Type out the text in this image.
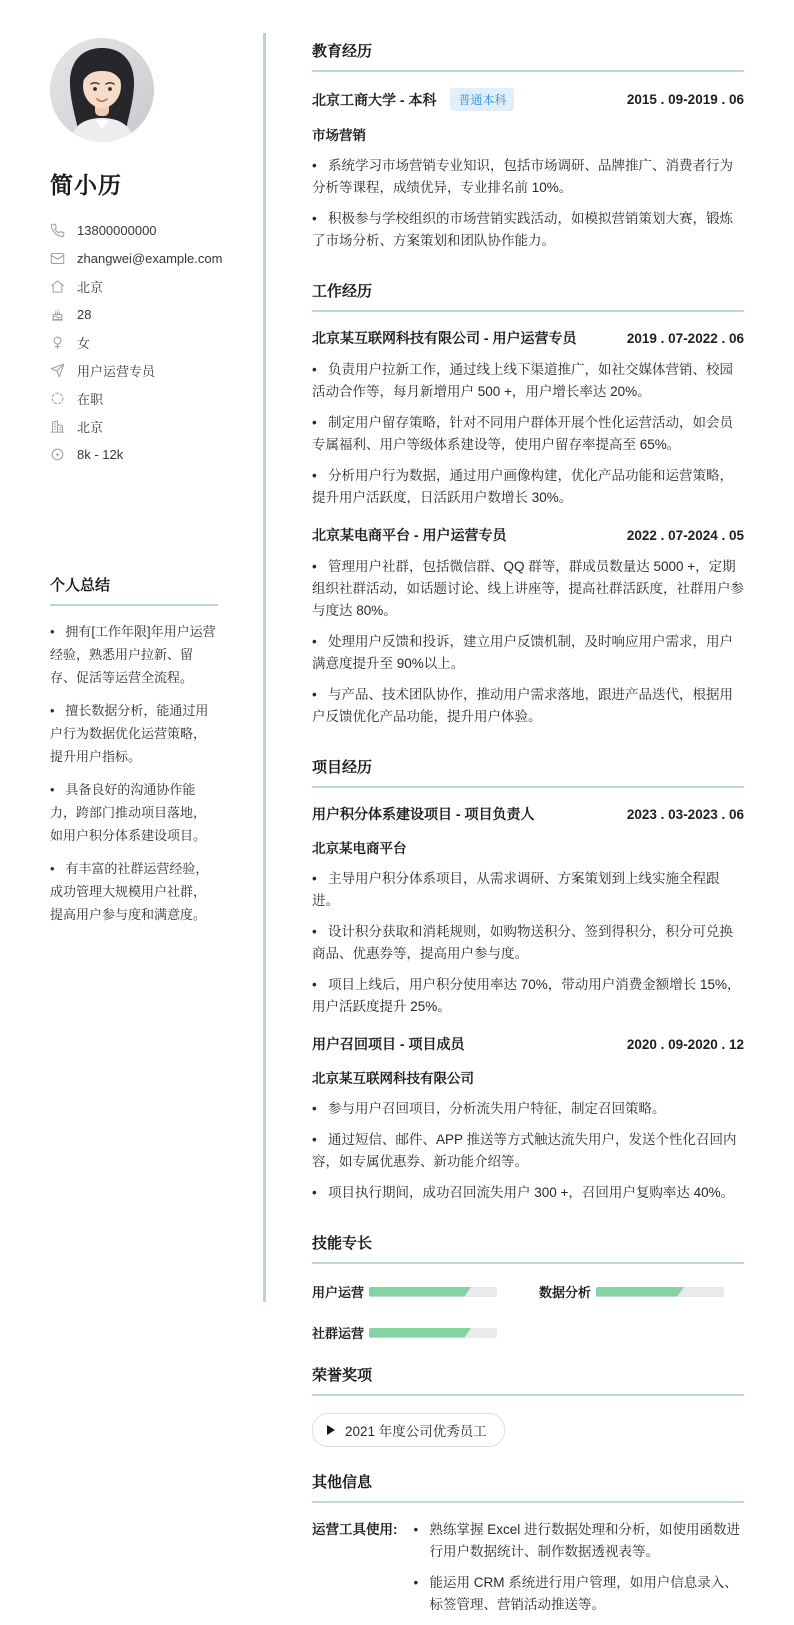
简小历
13800000000
zhangwei@example.com
北京
28
女
用户运营专员
在职
北京
8k - 12k
个人总结
•   拥有[工作年限]年用户运营经验，熟悉用户拉新、留存、促活等运营全流程。
•   擅长数据分析，能通过用户行为数据优化运营策略，提升用户指标。
•   具备良好的沟通协作能力，跨部门推动项目落地，如用户积分体系建设项目。
•   有丰富的社群运营经验，成功管理大规模用户社群，提高用户参与度和满意度。
教育经历
北京工商大学 - 本科	普通本科	2015 . 09-2019 . 06
市场营销
•   系统学习市场营销专业知识，包括市场调研、品牌推广、消费者行为分析等课程，成绩优异，专业排名前 10%。
•   积极参与学校组织的市场营销实践活动，如模拟营销策划大赛，锻炼了市场分析、方案策划和团队协作能力。
工作经历
北京某互联网科技有限公司 - 用户运营专员	2019 . 07-2022 . 06
•   负责用户拉新工作，通过线上线下渠道推广，如社交媒体营销、校园活动合作等，每月新增用户 500 +，用户增长率达 20%。
•   制定用户留存策略，针对不同用户群体开展个性化运营活动，如会员专属福利、用户等级体系建设等，使用户留存率提高至 65%。
•   分析用户行为数据，通过用户画像构建，优化产品功能和运营策略，提升用户活跃度，日活跃用户数增长 30%。
北京某电商平台 - 用户运营专员	2022 . 07-2024 . 05
•   管理用户社群，包括微信群、QQ 群等，群成员数量达 5000 +，定期组织社群活动，如话题讨论、线上讲座等，提高社群活跃度，社群用户参与度达 80%。
•   处理用户反馈和投诉，建立用户反馈机制，及时响应用户需求，用户满意度提升至 90%以上。
•   与产品、技术团队协作，推动用户需求落地，跟进产品迭代，根据用户反馈优化产品功能，提升用户体验。
项目经历
用户积分体系建设项目 - 项目负责人	2023 . 03-2023 . 06
北京某电商平台
•   主导用户积分体系项目，从需求调研、方案策划到上线实施全程跟进。
•   设计积分获取和消耗规则，如购物送积分、签到得积分，积分可兑换商品、优惠券等，提高用户参与度。
•   项目上线后，用户积分使用率达 70%，带动用户消费金额增长 15%，用户活跃度提升 25%。
用户召回项目 - 项目成员	2020 . 09-2020 . 12
北京某互联网科技有限公司
•   参与用户召回项目，分析流失用户特征，制定召回策略。
•   通过短信、邮件、APP 推送等方式触达流失用户，发送个性化召回内容，如专属优惠券、新功能介绍等。
•   项目执行期间，成功召回流失用户 300 +，召回用户复购率达 40%。
技能专长
用户运营	数据分析
社群运营
荣誉奖项
2021 年度公司优秀员工
其他信息
运营工具使用:	• 熟练掌握 Excel 进行数据处理和分析，如使用函数进行用户数据统计、制作数据透视表等。
• 能运用 CRM 系统进行用户管理，如用户信息录入、标签管理、营销活动推送等。
